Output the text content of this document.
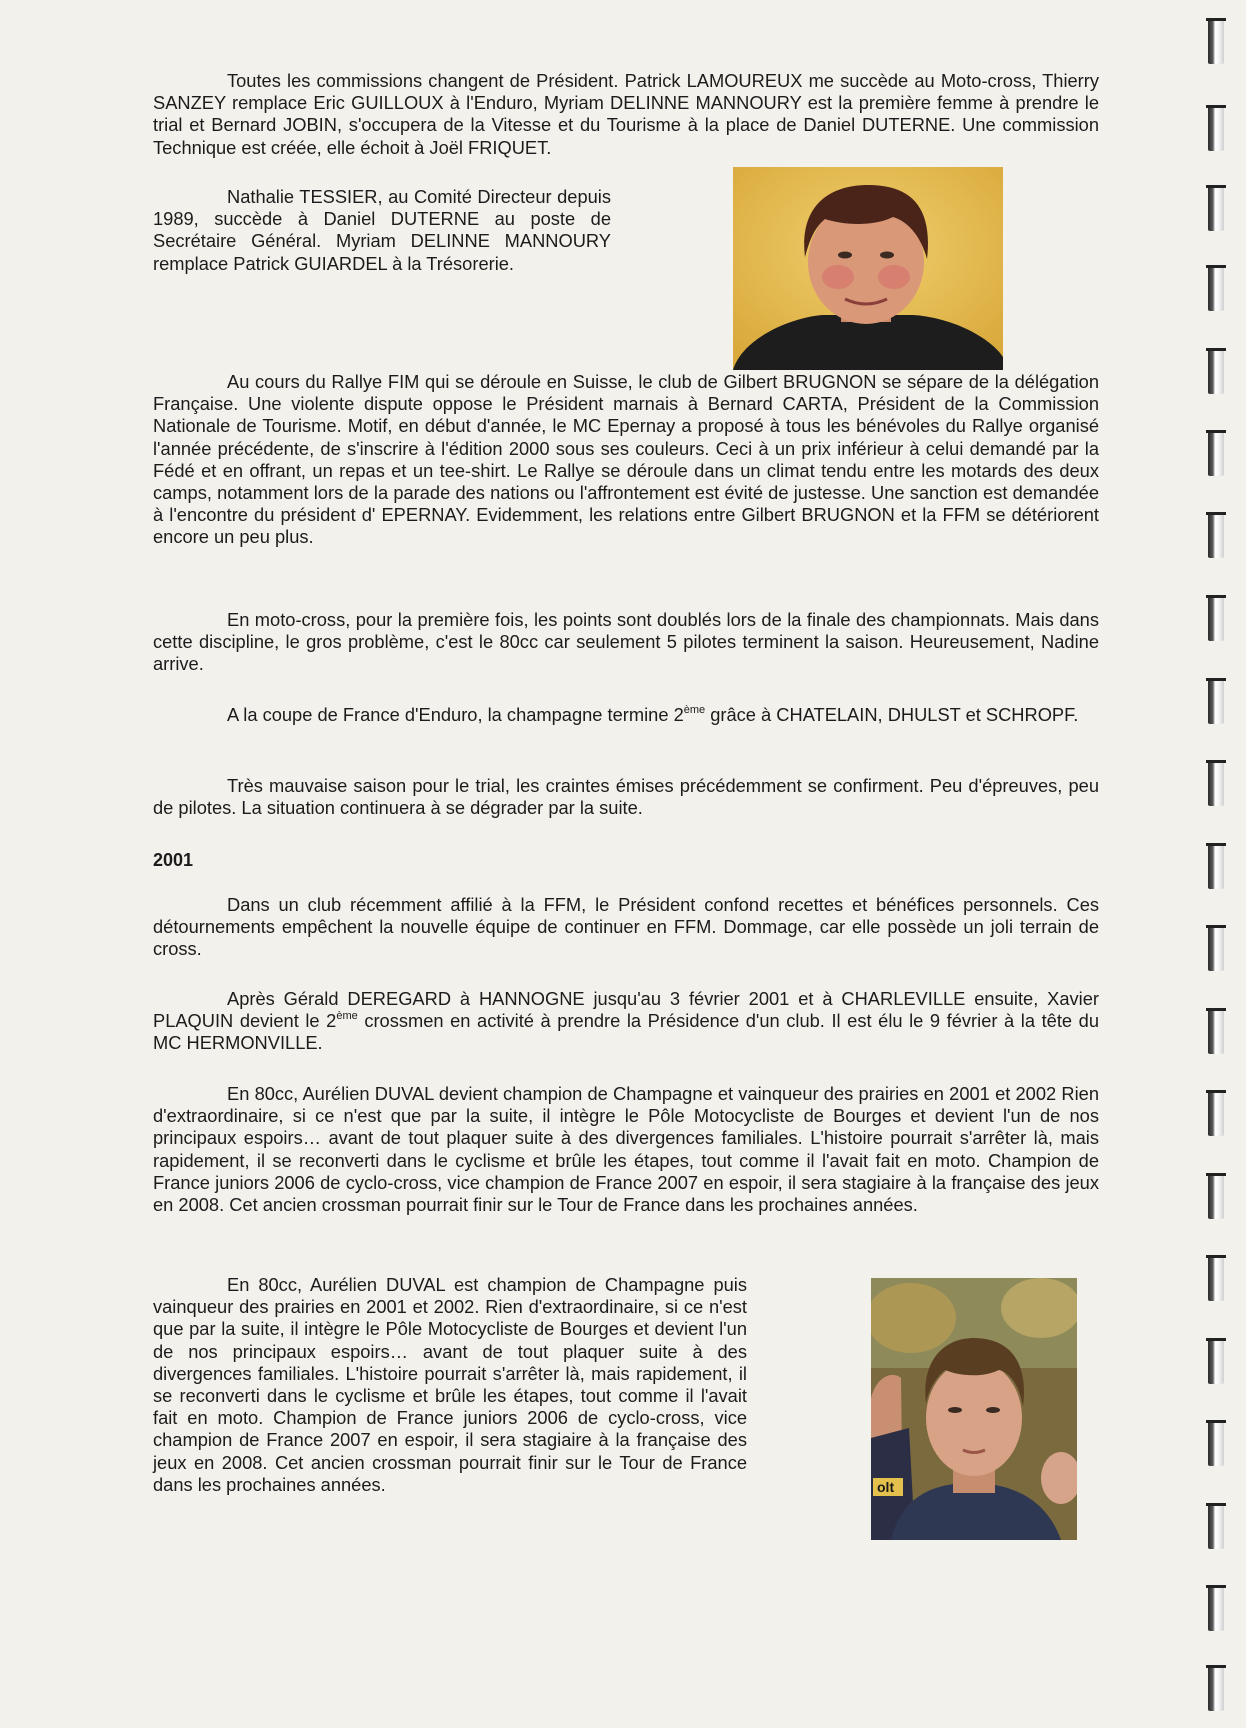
Toutes les commissions changent de Président. Patrick LAMOUREUX me succède au Moto-cross, Thierry SANZEY remplace Eric GUILLOUX à l'Enduro, Myriam DELINNE MANNOURY est la première femme à prendre le trial et Bernard JOBIN, s'occupera de la Vitesse et du Tourisme à la place de Daniel DUTERNE. Une commission Technique est créée, elle échoit à Joël FRIQUET.

Nathalie TESSIER, au Comité Directeur depuis 1989, succède à Daniel DUTERNE au poste de Secrétaire Général. Myriam DELINNE MANNOURY remplace Patrick GUIARDEL à la Trésorerie.

Au cours du Rallye FIM qui se déroule en Suisse, le club de Gilbert BRUGNON se sépare de la délégation Française. Une violente dispute oppose le Président marnais à Bernard CARTA, Président de la Commission Nationale de Tourisme. Motif, en début d'année, le MC Epernay a proposé à tous les bénévoles du Rallye organisé l'année précédente, de s'inscrire à l'édition 2000 sous ses couleurs. Ceci à un prix inférieur à celui demandé par la Fédé et en offrant, un repas et un tee-shirt. Le Rallye se déroule dans un climat tendu entre les motards des deux camps, notamment lors de la parade des nations ou l'affrontement est évité de justesse. Une sanction est demandée à l'encontre du président d' EPERNAY. Evidemment, les relations entre Gilbert BRUGNON et la FFM se détériorent encore un peu plus.

En moto-cross, pour la première fois, les points sont doublés lors de la finale des championnats. Mais dans cette discipline, le gros problème, c'est le 80cc car seulement 5 pilotes terminent la saison. Heureusement, Nadine arrive.

A la coupe de France d'Enduro, la champagne termine 2ème grâce à CHATELAIN, DHULST et SCHROPF.

Très mauvaise saison pour le trial, les craintes émises précédemment se confirment. Peu d'épreuves, peu de pilotes. La situation continuera à se dégrader par la suite.

2001

Dans un club récemment affilié à la FFM, le Président confond recettes et bénéfices personnels. Ces détournements empêchent la nouvelle équipe de continuer en FFM. Dommage, car elle possède un joli terrain de cross.

Après Gérald DEREGARD à HANNOGNE jusqu'au 3 février 2001 et à CHARLEVILLE ensuite, Xavier PLAQUIN devient le 2ème crossmen en activité à prendre la Présidence d'un club. Il est élu le 9 février à la tête du MC HERMONVILLE.

En 80cc, Aurélien DUVAL devient champion de Champagne et vainqueur des prairies en 2001 et 2002 Rien d'extraordinaire, si ce n'est que par la suite, il intègre le Pôle Motocycliste de Bourges et devient l'un de nos principaux espoirs… avant de tout plaquer suite à des divergences familiales. L'histoire pourrait s'arrêter là, mais rapidement, il se reconverti dans le cyclisme et brûle les étapes, tout comme il l'avait fait en moto. Champion de France juniors 2006 de cyclo-cross, vice champion de France 2007 en espoir, il sera stagiaire à la française des jeux en 2008. Cet ancien crossman pourrait finir sur le Tour de France dans les prochaines années.

En 80cc, Aurélien DUVAL est champion de Champagne puis vainqueur des prairies en 2001 et 2002. Rien d'extraordinaire, si ce n'est que par la suite, il intègre le Pôle Motocycliste de Bourges et devient l'un de nos principaux espoirs… avant de tout plaquer suite à des divergences familiales. L'histoire pourrait s'arrêter là, mais rapidement, il se reconverti dans le cyclisme et brûle les étapes, tout comme il l'avait fait en moto. Champion de France juniors 2006 de cyclo-cross, vice champion de France 2007 en espoir, il sera stagiaire à la française des jeux en 2008. Cet ancien crossman pourrait finir sur le Tour de France dans les prochaines années.	olt
